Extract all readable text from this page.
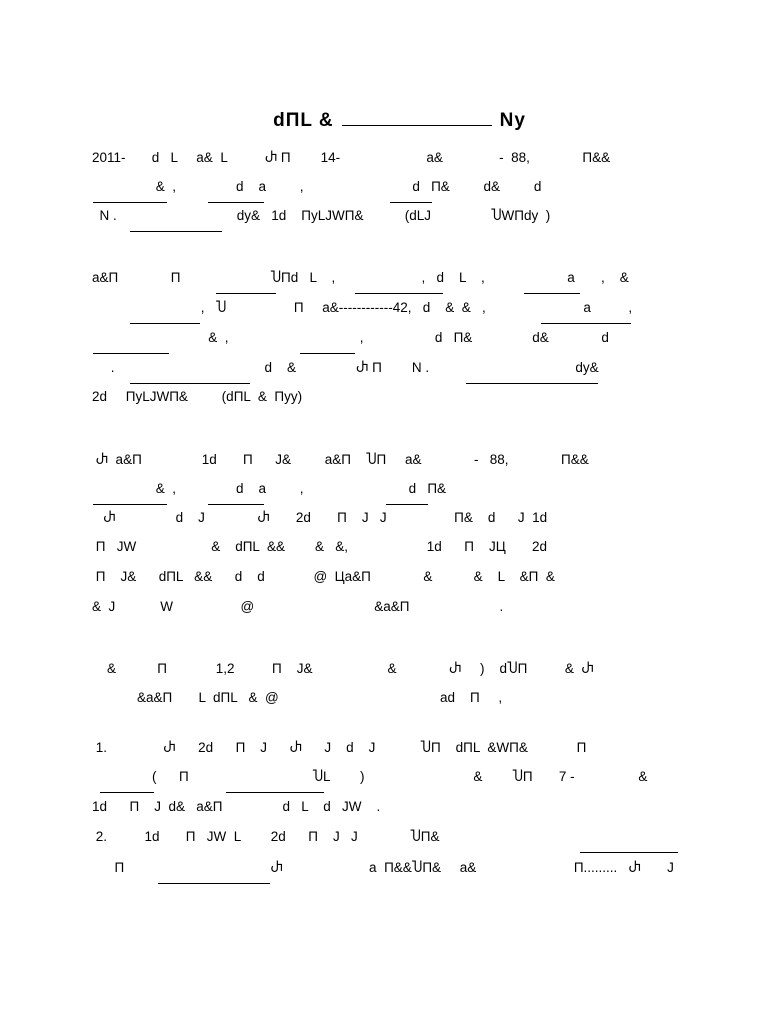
dПL &	Ny

2011-       d   L     a&  L          Ⴐ П        14-                       a&               -  88,              П&&
&  ,                d    a         ,                             d   П&         d&         d
N .                                dy&   1d    ПyLJWП&           (dLJ                ႮWПdy  )
a&П              П                        ႮПd   L    ,                       ,   d    L    ,                      a       ,    &
,   Ⴎ                  П     a&------------42,   d    &  &   ,                          a          ,
&  ,                                   ,                   d   П&                d&              d
.                                        d    &                Ⴐ П        N .                                       dy&
2d     ПyLJWП&         (dПL  &  Пyy)
Ⴐ  a&П                1d       П      J&         a&П    ႮП     a&              -   88,              П&&
&  ,                d    a         ,                            d   П&
Ⴐ                d    J              Ⴐ       2d       П    J   J                  П&    d      J  1d
П   JW                    &    dПL  &&        &   &,                     1d      П    JЦ       2d
П    J&      dПL   &&      d    d             @  Цa&П              &           &    L    &П  &
&  J            W                  @                                &a&П                        .
&           П             1,2          П    J&                    &              Ⴐ     )    dႮП          &  Ⴐ
&a&П       L  dПL   &  @                                           ad    П     ,
1.               Ⴐ      2d      П    J      Ⴐ      J    d    J            ႮП    dПL  &WП&             П
(      П                                 ႮL        )                             &        ႮП       7 -                 &
1d      П    J  d&   a&П                d   L    d   JW    .
2.          1d       П   JW  L        2d      П    J   J              ႮП&
П                                       Ⴐ                       a  П&&ႮП&     a&                          П.........   Ⴐ       J
